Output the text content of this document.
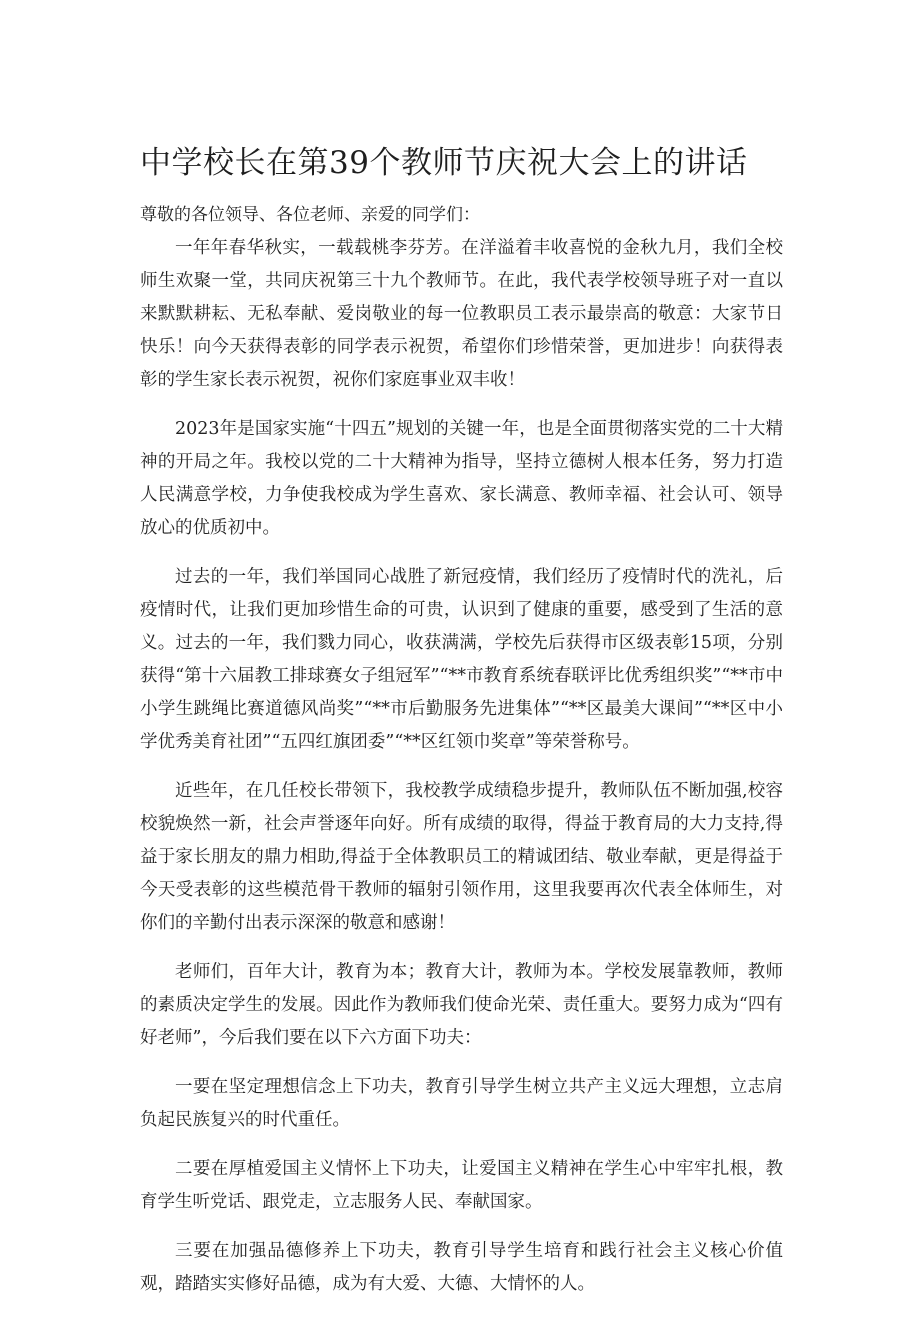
中学校长在第39个教师节庆祝大会上的讲话

尊敬的各位领导、各位老师、亲爱的同学们：

一年年春华秋实，一载载桃李芬芳。在洋溢着丰收喜悦的金秋九月，我们全校师生欢聚一堂，共同庆祝第三十九个教师节。在此，我代表学校领导班子对一直以来默默耕耘、无私奉献、爱岗敬业的每一位教职员工表示最崇高的敬意：大家节日快乐！向今天获得表彰的同学表示祝贺，希望你们珍惜荣誉，更加进步！向获得表彰的学生家长表示祝贺，祝你们家庭事业双丰收！

2023年是国家实施“十四五”规划的关键一年，也是全面贯彻落实党的二十大精神的开局之年。我校以党的二十大精神为指导，坚持立德树人根本任务，努力打造人民满意学校，力争使我校成为学生喜欢、家长满意、教师幸福、社会认可、领导放心的优质初中。

过去的一年，我们举国同心战胜了新冠疫情，我们经历了疫情时代的洗礼，后疫情时代，让我们更加珍惜生命的可贵，认识到了健康的重要，感受到了生活的意义。过去的一年，我们戮力同心，收获满满，学校先后获得市区级表彰15项，分别获得“第十六届教工排球赛女子组冠军”“**市教育系统春联评比优秀组织奖”“**市中小学生跳绳比赛道德风尚奖”“**市后勤服务先进集体”“**区最美大课间”“**区中小学优秀美育社团”“五四红旗团委”“**区红领巾奖章”等荣誉称号。

近些年，在几任校长带领下，我校教学成绩稳步提升，教师队伍不断加强,校容校貌焕然一新，社会声誉逐年向好。所有成绩的取得，得益于教育局的大力支持,得益于家长朋友的鼎力相助,得益于全体教职员工的精诚团结、敬业奉献，更是得益于今天受表彰的这些模范骨干教师的辐射引领作用，这里我要再次代表全体师生，对你们的辛勤付出表示深深的敬意和感谢！

老师们，百年大计，教育为本；教育大计，教师为本。学校发展靠教师，教师的素质决定学生的发展。因此作为教师我们使命光荣、责任重大。要努力成为“四有好老师”，今后我们要在以下六方面下功夫：

一要在坚定理想信念上下功夫，教育引导学生树立共产主义远大理想，立志肩负起民族复兴的时代重任。

二要在厚植爱国主义情怀上下功夫，让爱国主义精神在学生心中牢牢扎根，教育学生听党话、跟党走，立志服务人民、奉献国家。

三要在加强品德修养上下功夫，教育引导学生培育和践行社会主义核心价值观，踏踏实实修好品德，成为有大爱、大德、大情怀的人。
